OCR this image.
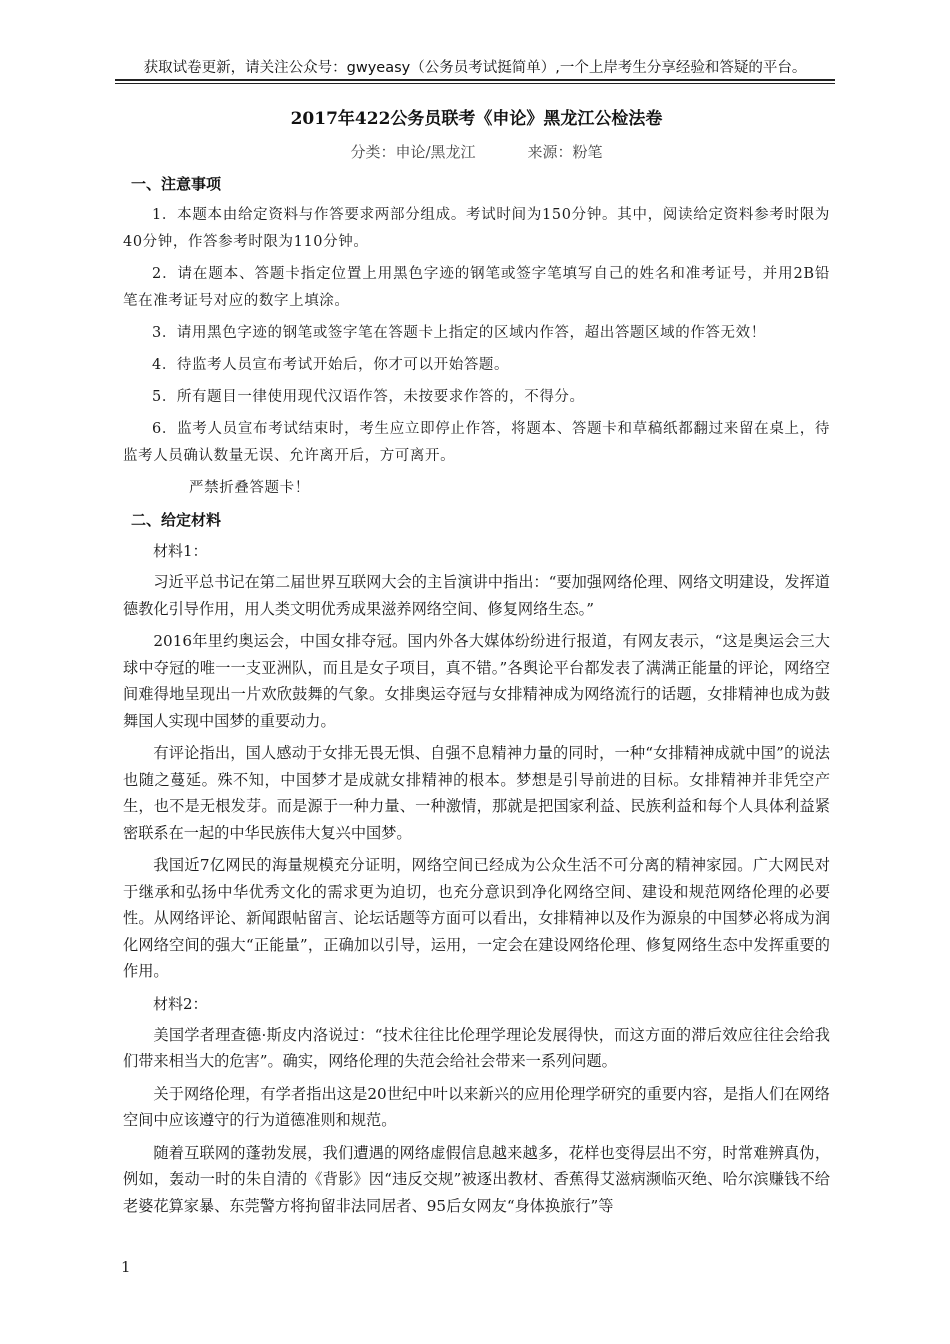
获取试卷更新，请关注公众号：gwyeasy（公务员考试挺简单）,一个上岸考生分享经验和答疑的平台。
2017年422公务员联考《申论》黑龙江公检法卷
分类：申论/黑龙江	来源：粉笔
一、注意事项

1．本题本由给定资料与作答要求两部分组成。考试时间为150分钟。其中，阅读给定资料参考时限为40分钟，作答参考时限为110分钟。

2．请在题本、答题卡指定位置上用黑色字迹的钢笔或签字笔填写自己的姓名和准考证号，并用2B铅笔在准考证号对应的数字上填涂。

3．请用黑色字迹的钢笔或签字笔在答题卡上指定的区域内作答，超出答题区域的作答无效！

4．待监考人员宣布考试开始后，你才可以开始答题。

5．所有题目一律使用现代汉语作答，未按要求作答的，不得分。

6．监考人员宣布考试结束时，考生应立即停止作答，将题本、答题卡和草稿纸都翻过来留在桌上，待监考人员确认数量无误、允许离开后，方可离开。

严禁折叠答题卡！

二、给定材料

材料1：

习近平总书记在第二届世界互联网大会的主旨演讲中指出：“要加强网络伦理、网络文明建设，发挥道德教化引导作用，用人类文明优秀成果滋养网络空间、修复网络生态。”

2016年里约奥运会，中国女排夺冠。国内外各大媒体纷纷进行报道，有网友表示，“这是奥运会三大球中夺冠的唯一一支亚洲队，而且是女子项目，真不错。”各舆论平台都发表了满满正能量的评论，网络空间难得地呈现出一片欢欣鼓舞的气象。女排奥运夺冠与女排精神成为网络流行的话题，女排精神也成为鼓舞国人实现中国梦的重要动力。

有评论指出，国人感动于女排无畏无惧、自强不息精神力量的同时，一种“女排精神成就中国”的说法也随之蔓延。殊不知，中国梦才是成就女排精神的根本。梦想是引导前进的目标。女排精神并非凭空产生，也不是无根发芽。而是源于一种力量、一种激情，那就是把国家利益、民族利益和每个人具体利益紧密联系在一起的中华民族伟大复兴中国梦。

我国近7亿网民的海量规模充分证明，网络空间已经成为公众生活不可分离的精神家园。广大网民对于继承和弘扬中华优秀文化的需求更为迫切，也充分意识到净化网络空间、建设和规范网络伦理的必要性。从网络评论、新闻跟帖留言、论坛话题等方面可以看出，女排精神以及作为源泉的中国梦必将成为润化网络空间的强大“正能量”，正确加以引导，运用，一定会在建设网络伦理、修复网络生态中发挥重要的作用。

材料2：

美国学者理查德·斯皮内洛说过：“技术往往比伦理学理论发展得快，而这方面的滞后效应往往会给我们带来相当大的危害”。确实，网络伦理的失范会给社会带来一系列问题。

关于网络伦理，有学者指出这是20世纪中叶以来新兴的应用伦理学研究的重要内容，是指人们在网络空间中应该遵守的行为道德准则和规范。

随着互联网的蓬勃发展，我们遭遇的网络虚假信息越来越多，花样也变得层出不穷，时常难辨真伪，例如，轰动一时的朱自清的《背影》因“违反交规”被逐出教材、香蕉得艾滋病濒临灭绝、哈尔滨赚钱不给老婆花算家暴、东莞警方将拘留非法同居者、95后女网友“身体换旅行”等

1
